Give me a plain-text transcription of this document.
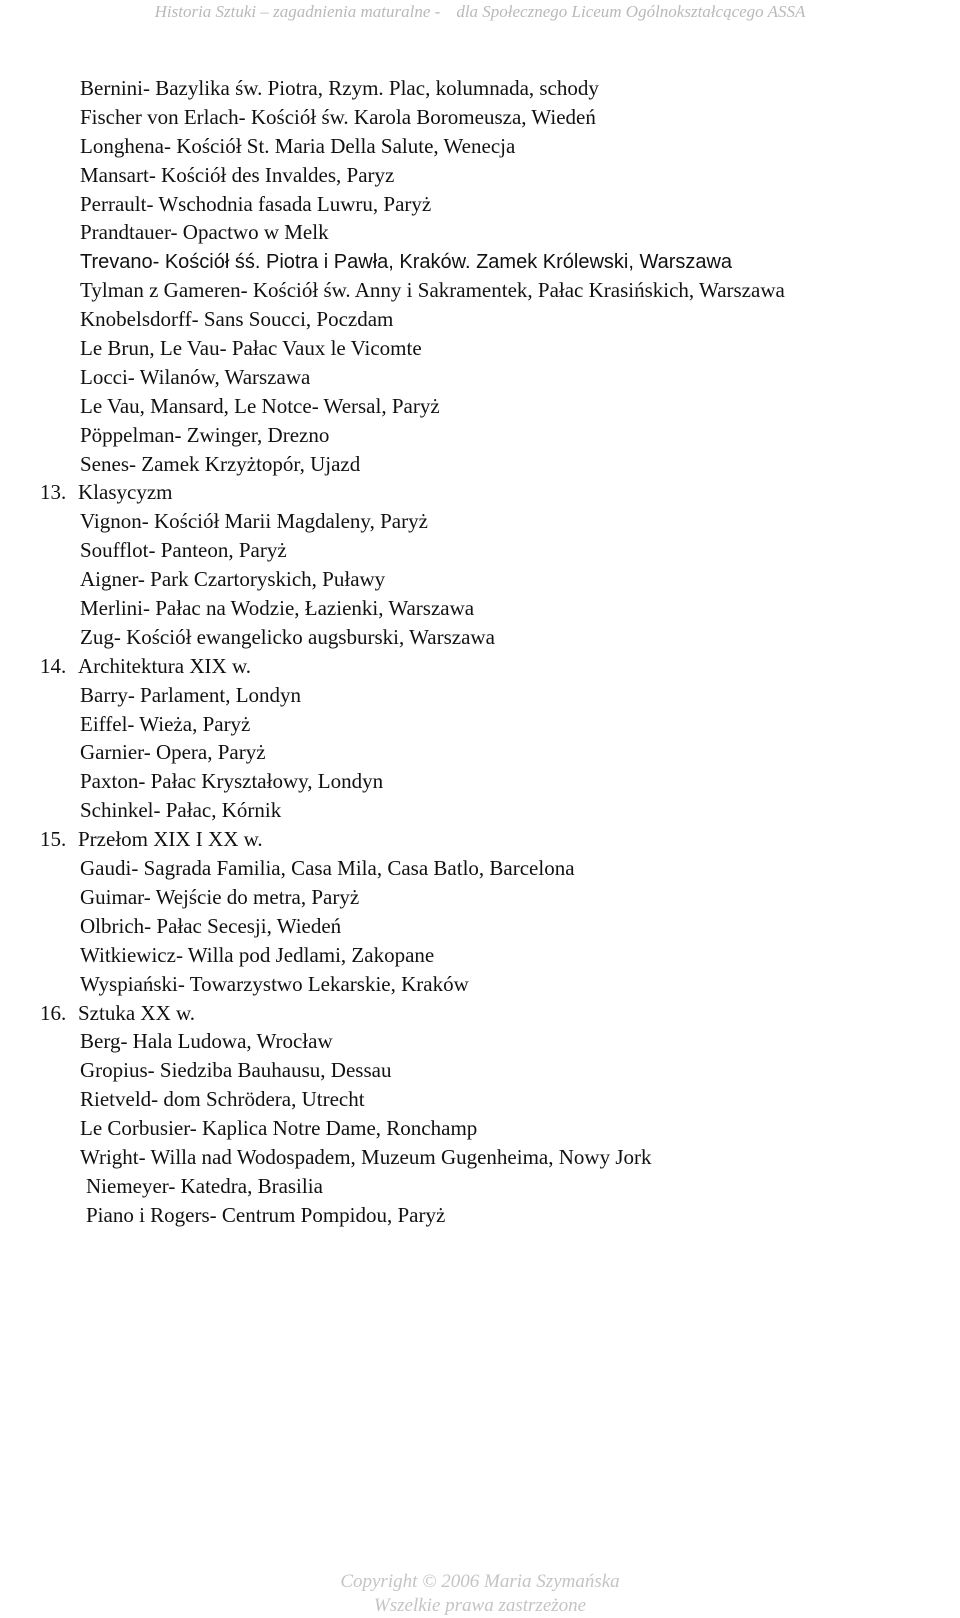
Historia Sztuki – zagadnienia maturalne - dla Społecznego Liceum Ogólnokształcącego ASSA
Bernini- Bazylika św. Piotra, Rzym. Plac, kolumnada, schody
Fischer von Erlach- Kościół św. Karola Boromeusza, Wiedeń
Longhena- Kościół St. Maria Della Salute, Wenecja
Mansart- Kościół des Invaldes, Paryz
Perrault- Wschodnia fasada Luwru, Paryż
Prandtauer- Opactwo w Melk
Trevano- Kościół śś. Piotra i Pawła, Kraków. Zamek Królewski, Warszawa
Tylman z Gameren- Kościół św. Anny i Sakramentek, Pałac Krasińskich, Warszawa
Knobelsdorff- Sans Soucci, Poczdam
Le Brun, Le Vau- Pałac Vaux le Vicomte
Locci- Wilanów, Warszawa
Le Vau, Mansard, Le Notce- Wersal, Paryż
Pöppelman- Zwinger, Drezno
Senes- Zamek Krzyżtopór, Ujazd
13. Klasycyzm
Vignon- Kościół Marii Magdaleny, Paryż
Soufflot- Panteon, Paryż
Aigner- Park Czartoryskich, Puławy
Merlini- Pałac na Wodzie, Łazienki, Warszawa
Zug- Kościół ewangelicko augsburski, Warszawa
14. Architektura XIX w.
Barry- Parlament, Londyn
Eiffel- Wieża, Paryż
Garnier- Opera, Paryż
Paxton- Pałac Kryształowy, Londyn
Schinkel- Pałac, Kórnik
15. Przełom XIX I XX w.
Gaudi- Sagrada Familia, Casa Mila, Casa Batlo, Barcelona
Guimar- Wejście do metra, Paryż
Olbrich- Pałac Secesji, Wiedeń
Witkiewicz- Willa pod Jedlami, Zakopane
Wyspiański- Towarzystwo Lekarskie, Kraków
16. Sztuka XX w.
Berg- Hala Ludowa, Wrocław
Gropius- Siedziba Bauhausu, Dessau
Rietveld- dom Schrödera, Utrecht
Le Corbusier- Kaplica Notre Dame, Ronchamp
Wright- Willa nad Wodospadem, Muzeum Gugenheima, Nowy Jork
Niemeyer- Katedra, Brasilia
Piano i Rogers- Centrum Pompidou, Paryż
Copyright © 2006 Maria Szymańska
Wszelkie prawa zastrzeżone
